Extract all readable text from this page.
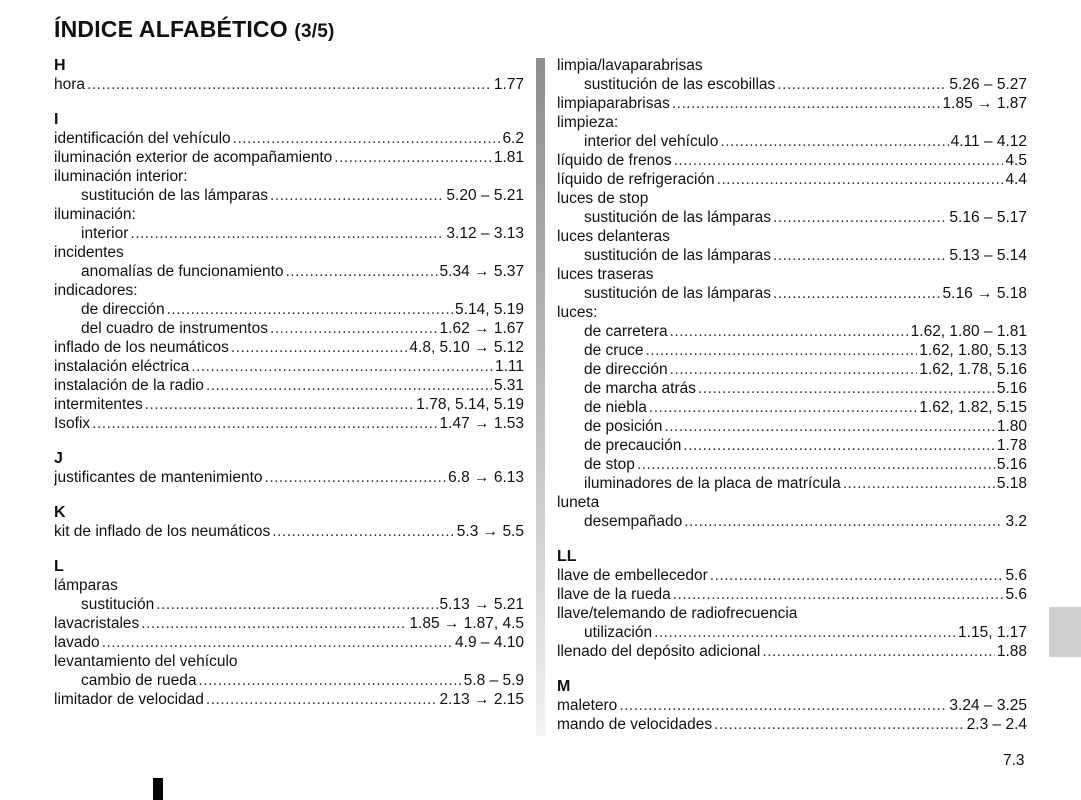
ÍNDICE ALFABÉTICO (3/5)
H
hora .....	1.77
I
identificación del vehículo .....	6.2
iluminación exterior de acompañamiento .....	1.81
iluminación interior:
sustitución de las lámparas .....	5.20 – 5.21
iluminación:
interior .....	3.12 – 3.13
incidentes
anomalías de funcionamiento .....	5.34 → 5.37
indicadores:
de dirección .....	5.14, 5.19
del cuadro de instrumentos .....	1.62 → 1.67
inflado de los neumáticos .....	4.8, 5.10 → 5.12
instalación eléctrica .....	1.11
instalación de la radio .....	5.31
intermitentes .....	1.78, 5.14, 5.19
Isofix .....	1.47 → 1.53
J
justificantes de mantenimiento .....	6.8 → 6.13
K
kit de inflado de los neumáticos .....	5.3 → 5.5
L
lámparas
sustitución .....	5.13 → 5.21
lavacristales .....	1.85 → 1.87, 4.5
lavado .....	4.9 – 4.10
levantamiento del vehículo
cambio de rueda .....	5.8 – 5.9
limitador de velocidad .....	2.13 → 2.15
limpia/lavaparabrisas
sustitución de las escobillas .....	5.26 – 5.27
limpiaparabrisas .....	1.85 → 1.87
limpieza:
interior del vehículo .....	4.11 – 4.12
líquido de frenos .....	4.5
líquido de refrigeración .....	4.4
luces de stop
sustitución de las lámparas .....	5.16 – 5.17
luces delanteras
sustitución de las lámparas .....	5.13 – 5.14
luces traseras
sustitución de las lámparas .....	5.16 → 5.18
luces:
de carretera .....	1.62, 1.80 – 1.81
de cruce .....	1.62, 1.80, 5.13
de dirección .....	1.62, 1.78, 5.16
de marcha atrás .....	5.16
de niebla .....	1.62, 1.82, 5.15
de posición .....	1.80
de precaución .....	1.78
de stop .....	5.16
iluminadores de la placa de matrícula .....	5.18
luneta
desempañado .....	3.2
LL
llave de embellecedor .....	5.6
llave de la rueda .....	5.6
llave/telemando de radiofrecuencia
utilización .....	1.15, 1.17
llenado del depósito adicional .....	1.88
M
maletero .....	3.24 – 3.25
mando de velocidades .....	2.3 – 2.4
7.3
